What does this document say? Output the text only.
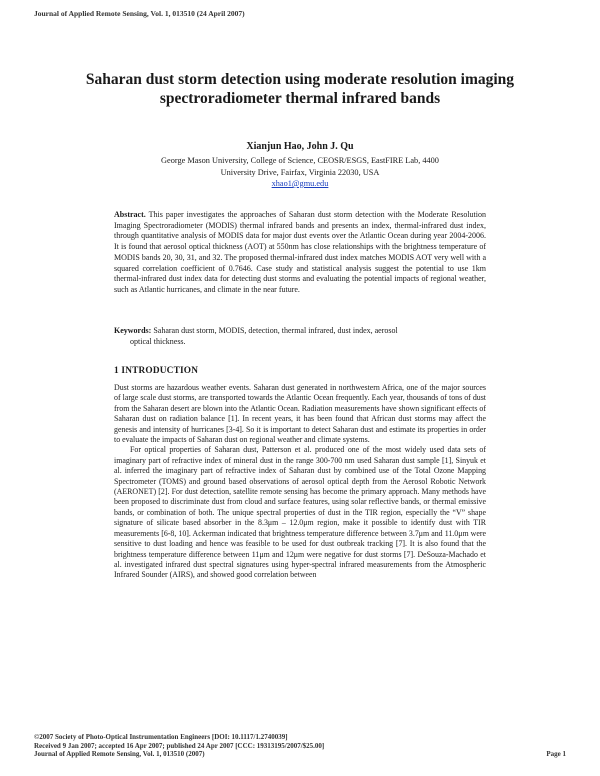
Journal of Applied Remote Sensing, Vol. 1, 013510 (24 April 2007)
Saharan dust storm detection using moderate resolution imaging spectroradiometer thermal infrared bands
Xianjun Hao, John J. Qu
George Mason University, College of Science, CEOSR/ESGS, EastFIRE Lab, 4400
University Drive, Fairfax, Virginia 22030, USA
xhao1@gmu.edu
Abstract. This paper investigates the approaches of Saharan dust storm detection with the Moderate Resolution Imaging Spectroradiometer (MODIS) thermal infrared bands and presents an index, thermal-infrared dust index, through quantitative analysis of MODIS data for major dust events over the Atlantic Ocean during year 2004-2006. It is found that aerosol optical thickness (AOT) at 550nm has close relationships with the brightness temperature of MODIS bands 20, 30, 31, and 32. The proposed thermal-infrared dust index matches MODIS AOT very well with a squared correlation coefficient of 0.7646. Case study and statistical analysis suggest the potential to use 1km thermal-infrared dust index data for detecting dust storms and evaluating the potential impacts of regional weather, such as Atlantic hurricanes, and climate in the near future.
Keywords: Saharan dust storm, MODIS, detection, thermal infrared, dust index, aerosol
optical thickness.
1 INTRODUCTION

Dust storms are hazardous weather events. Saharan dust generated in northwestern Africa, one of the major sources of large scale dust storms, are transported towards the Atlantic Ocean frequently. Each year, thousands of tons of dust from the Saharan desert are blown into the Atlantic Ocean. Radiation measurements have shown significant effects of Saharan dust on radiation balance [1]. In recent years, it has been found that African dust storms may affect the genesis and intensity of hurricanes [3-4]. So it is important to detect Saharan dust and estimate its properties in order to evaluate the impacts of Saharan dust on regional weather and climate systems.

For optical properties of Saharan dust, Patterson et al. produced one of the most widely used data sets of imaginary part of refractive index of mineral dust in the range 300-700 nm used Saharan dust sample [1], Sinyuk et al. inferred the imaginary part of refractive index of Saharan dust by combined use of the Total Ozone Mapping Spectrometer (TOMS) and ground based observations of aerosol optical depth from the Aerosol Robotic Network (AERONET) [2]. For dust detection, satellite remote sensing has become the primary approach. Many methods have been proposed to discriminate dust from cloud and surface features, using solar reflective bands, or thermal emissive bands, or combination of both. The unique spectral properties of dust in the TIR region, especially the “V” shape signature of silicate based absorber in the 8.3μm – 12.0μm region, make it possible to identify dust with TIR measurements [6-8, 10]. Ackerman indicated that brightness temperature difference between 3.7μm and 11.0μm were sensitive to dust loading and hence was feasible to be used for dust outbreak tracking [7]. It is also found that the brightness temperature difference between 11μm and 12μm were negative for dust storms [7]. DeSouza-Machado et al. investigated infrared dust spectral signatures using hyper-spectral infrared measurements from the Atmospheric Infrared Sounder (AIRS), and showed good correlation between

©2007 Society of Photo-Optical Instrumentation Engineers [DOI: 10.1117/1.2740039]
Received 9 Jan 2007; accepted 16 Apr 2007; published 24 Apr 2007 [CCC: 19313195/2007/$25.00]
Journal of Applied Remote Sensing, Vol. 1, 013510 (2007)	Page 1
